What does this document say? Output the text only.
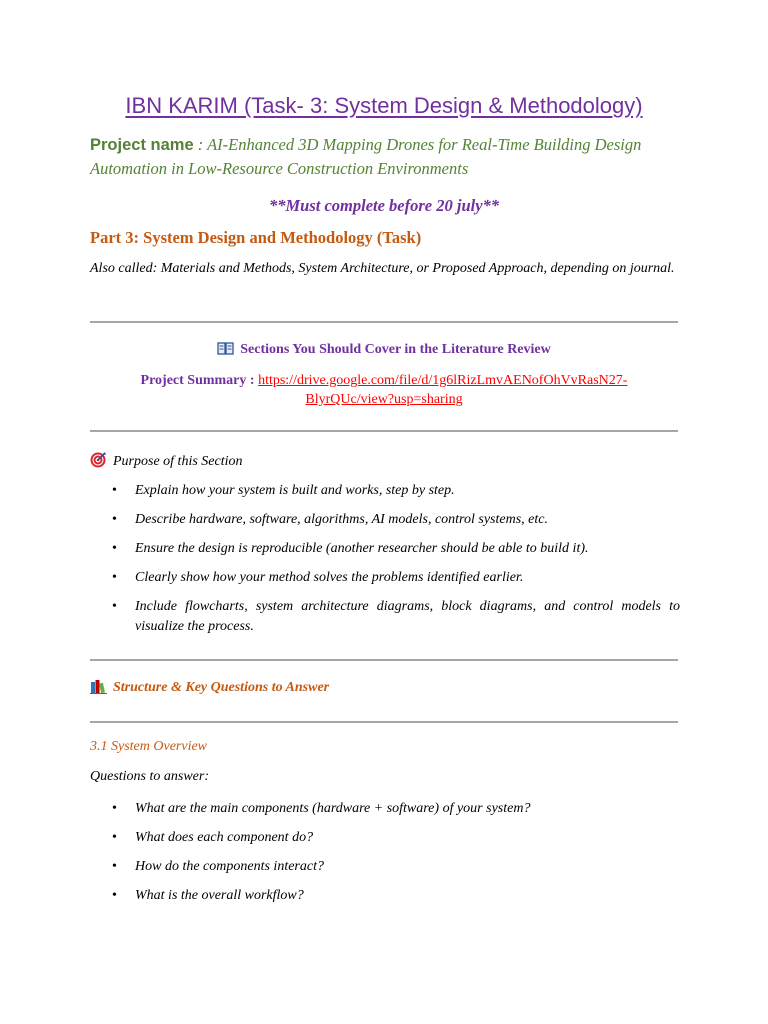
IBN KARIM (Task- 3: System Design & Methodology)
Project name : AI-Enhanced 3D Mapping Drones for Real-Time Building Design Automation in Low-Resource Construction Environments
**Must complete before 20 july**
Part 3: System Design and Methodology (Task)
Also called: Materials and Methods, System Architecture, or Proposed Approach, depending on journal.
Sections You Should Cover in the Literature Review
Project Summary : https://drive.google.com/file/d/1g6lRizLmvAENofOhVvRasN27-BlyrQUc/view?usp=sharing
Purpose of this Section
• Explain how your system is built and works, step by step.
• Describe hardware, software, algorithms, AI models, control systems, etc.
• Ensure the design is reproducible (another researcher should be able to build it).
• Clearly show how your method solves the problems identified earlier.
• Include flowcharts, system architecture diagrams, block diagrams, and control models to visualize the process.
Structure & Key Questions to Answer
3.1 System Overview
Questions to answer:
• What are the main components (hardware + software) of your system?
• What does each component do?
• How do the components interact?
• What is the overall workflow?
